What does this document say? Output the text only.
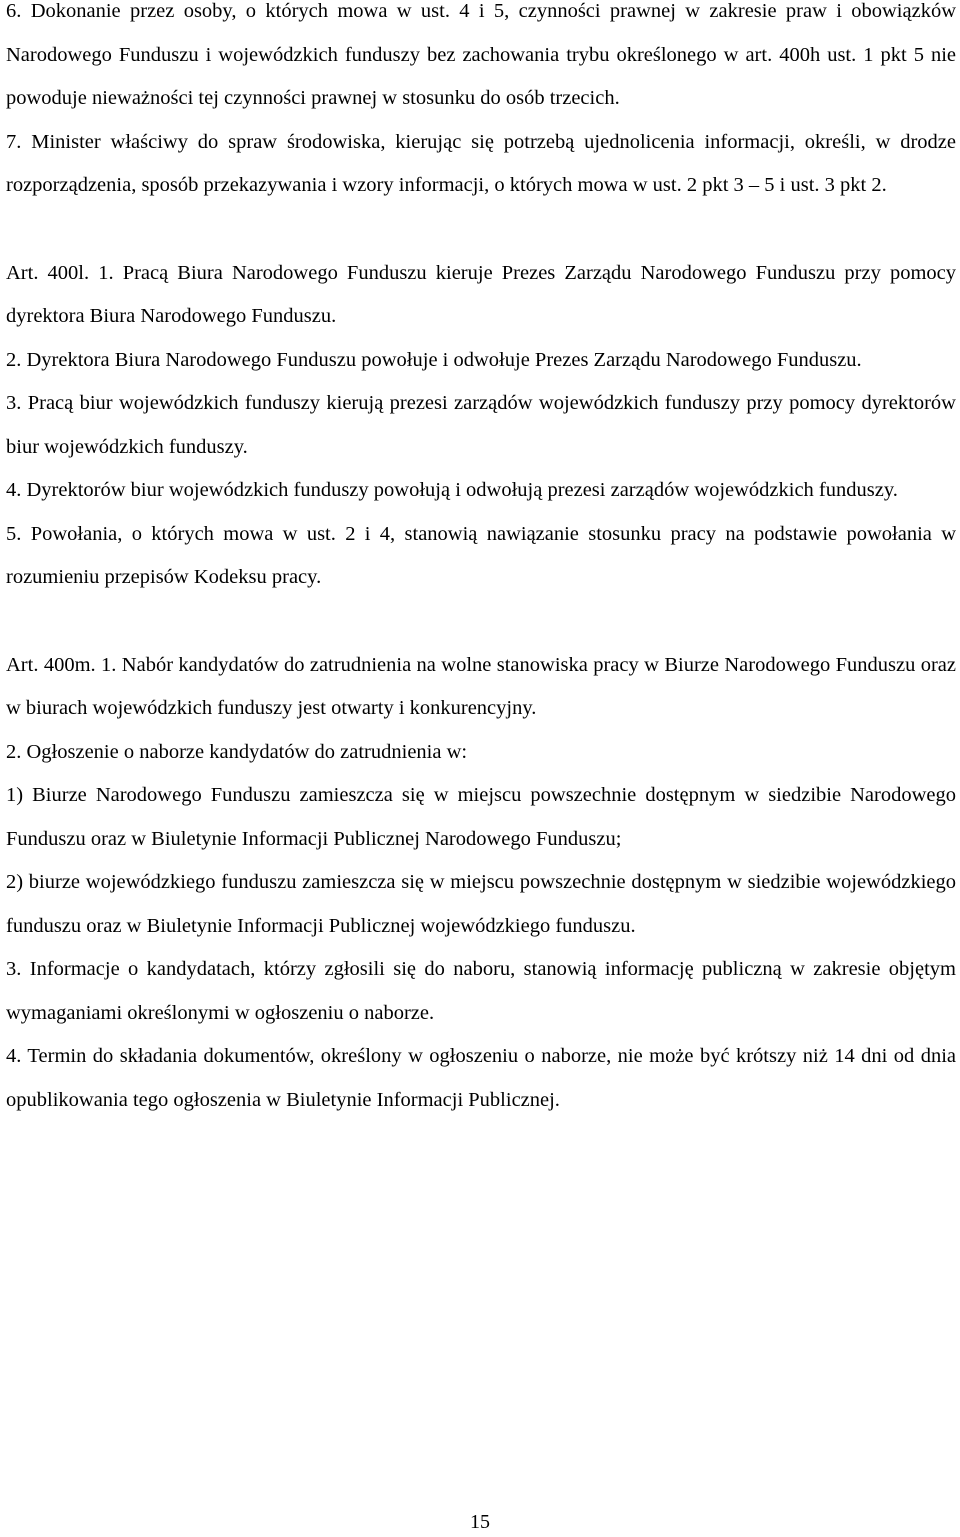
6. Dokonanie przez osoby, o których mowa w ust. 4 i 5, czynności prawnej w zakresie praw i obowiązków Narodowego Funduszu i wojewódzkich funduszy bez zachowania trybu określonego w art. 400h ust. 1 pkt 5 nie powoduje nieważności tej czynności prawnej w stosunku do osób trzecich.

7. Minister właściwy do spraw środowiska, kierując się potrzebą ujednolicenia informacji, określi, w drodze rozporządzenia, sposób przekazywania i wzory informacji, o których mowa w ust. 2 pkt 3 – 5 i ust. 3 pkt 2.

Art. 400l. 1. Pracą Biura Narodowego Funduszu kieruje Prezes Zarządu Narodowego Funduszu przy pomocy dyrektora Biura Narodowego Funduszu.

2. Dyrektora Biura Narodowego Funduszu powołuje i odwołuje Prezes Zarządu Narodowego Funduszu.

3. Pracą biur wojewódzkich funduszy kierują prezesi zarządów wojewódzkich funduszy przy pomocy dyrektorów biur wojewódzkich funduszy.

4. Dyrektorów biur wojewódzkich funduszy powołują i odwołują prezesi zarządów wojewódzkich funduszy.

5. Powołania, o których mowa w ust. 2 i 4, stanowią nawiązanie stosunku pracy na podstawie powołania w rozumieniu przepisów Kodeksu pracy.

Art. 400m. 1. Nabór kandydatów do zatrudnienia na wolne stanowiska pracy w Biurze Narodowego Funduszu oraz w biurach wojewódzkich funduszy jest otwarty i konkurencyjny.

2. Ogłoszenie o naborze kandydatów do zatrudnienia w:

1) Biurze Narodowego Funduszu zamieszcza się w miejscu powszechnie dostępnym w siedzibie Narodowego Funduszu oraz w Biuletynie Informacji Publicznej Narodowego Funduszu;

2) biurze wojewódzkiego funduszu zamieszcza się w miejscu powszechnie dostępnym w siedzibie wojewódzkiego funduszu oraz w Biuletynie Informacji Publicznej wojewódzkiego funduszu.

3. Informacje o kandydatach, którzy zgłosili się do naboru, stanowią informację publiczną w zakresie objętym wymaganiami określonymi w ogłoszeniu o naborze.

4. Termin do składania dokumentów, określony w ogłoszeniu o naborze, nie może być krótszy niż 14 dni od dnia opublikowania tego ogłoszenia w Biuletynie Informacji Publicznej.

15
